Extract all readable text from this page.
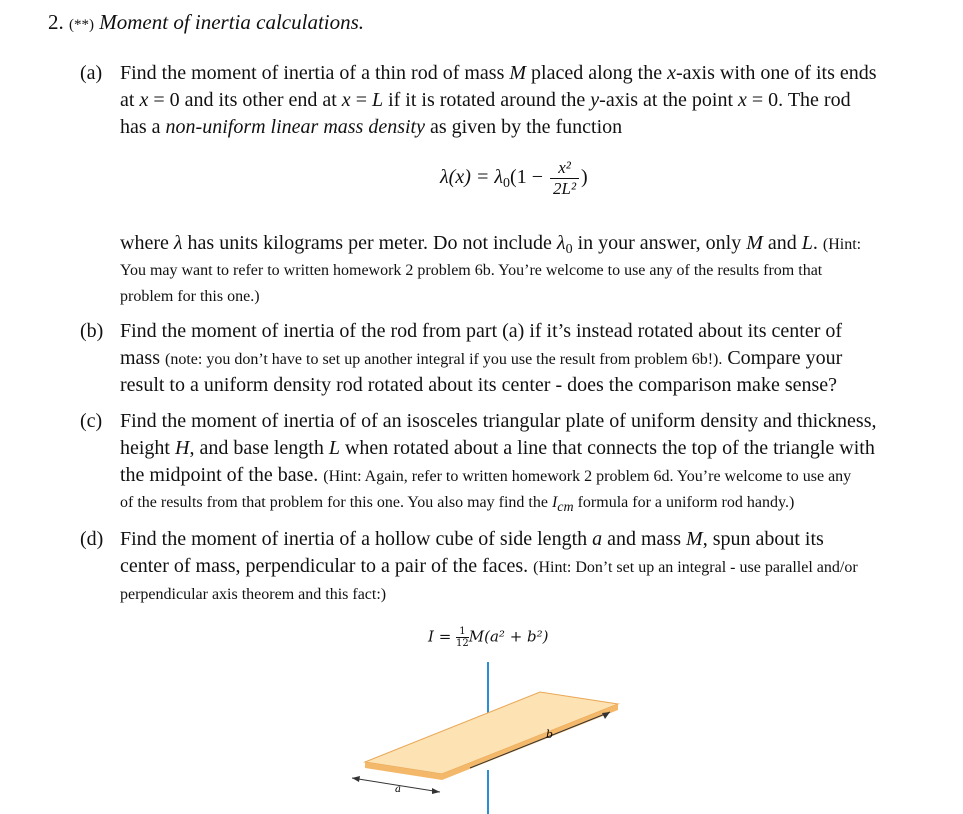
2. (**) Moment of inertia calculations.
(a) Find the moment of inertia of a thin rod of mass M placed along the x-axis with one of its ends
at x = 0 and its other end at x = L if it is rotated around the y-axis at the point x = 0. The rod
has a non-uniform linear mass density as given by the function
where λ has units kilograms per meter. Do not include $\lambda_0$ in your answer, only M and L. (Hint:
You may want to refer to written homework 2 problem 6b. You’re welcome to use any of the results from that
problem for this one.)
$\lambda(x) = \lambda_0(1 - \frac{\text{x²}}{\text{2L²}}$ )
(b) Find the moment of inertia of the rod from part (a) if it’s instead rotated about its center of
mass (note: you don’t have to set up another integral if you use the result from problem 6b!). Compare your
result to a uniform density rod rotated about its center - does the comparison make sense?
(c) Find the moment of inertia of of an isosceles triangular plate of uniform density and thickness,
height H, and base length L when rotated about a line that connects the top of the triangle with
the midpoint of the base. (Hint: Again, refer to written homework 2 problem 6d. You’re welcome to use any
of the results from that problem for this one. You also may find the Icm formula for a uniform rod handy.)
(d) Find the moment of inertia of a hollow cube of side length a and mass M, spun about its
center of mass, perpendicular to a pair of the faces. (Hint: Don’t set up an integral - use parallel and/or
perpendicular axis theorem and this fact:)
$I = \frac{1}{12} M(a^2 + b^2)$
b
a
